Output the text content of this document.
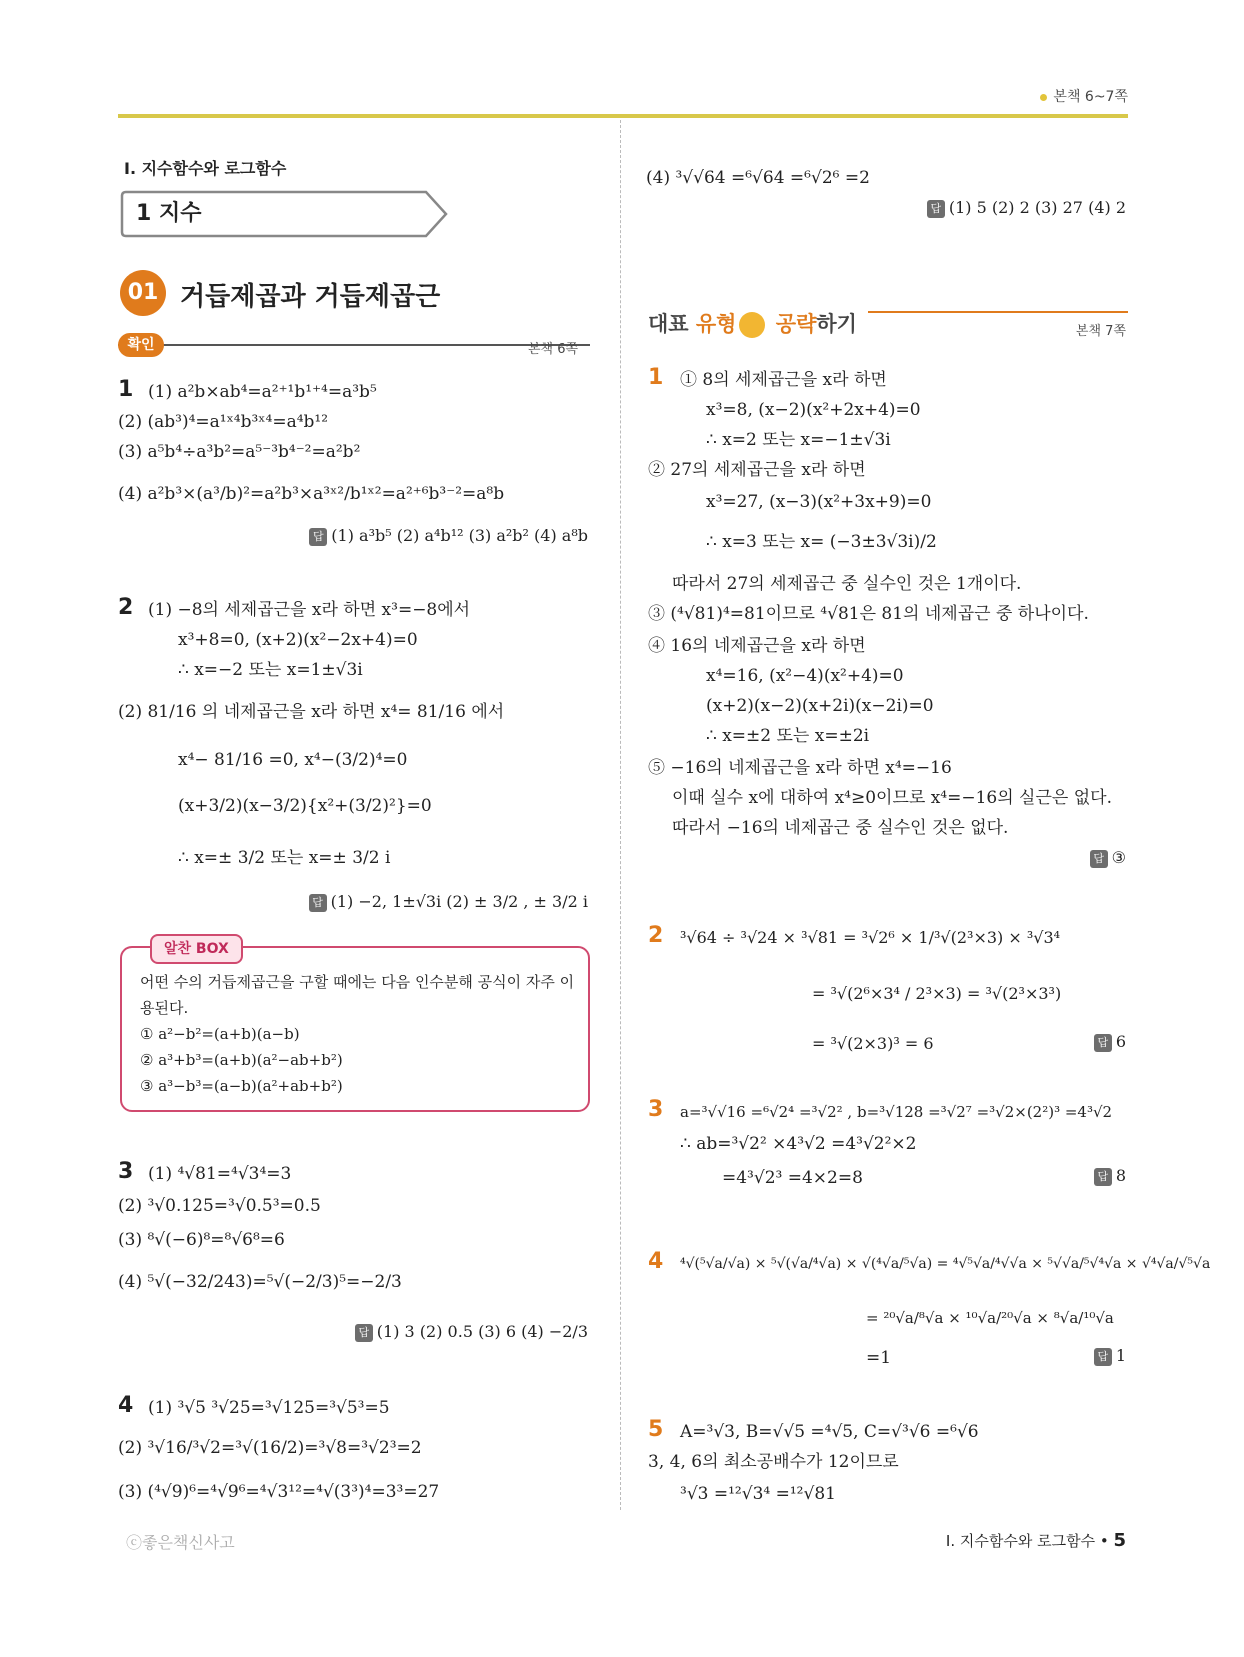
본책 6~7쪽
I. 지수함수와 로그함수
1 지수
01 거듭제곱과 거듭제곱근
확인	본책 6쪽
1 (1) a²b×ab⁴=a²⁺¹b¹⁺⁴=a³b⁵
(2) (ab³)⁴=a¹ˣ⁴b³ˣ⁴=a⁴b¹²
(3) a⁵b⁴÷a³b²=a⁵⁻³b⁴⁻²=a²b²
(4) a²b³×(a³/b)²=a²b³×a³ˣ²/b¹ˣ²=a²⁺⁶b³⁻²=a⁸b
답 (1) a³b⁵ (2) a⁴b¹² (3) a²b² (4) a⁸b
2 (1) −8의 세제곱근을 x라 하면 x³=−8에서
x³+8=0, (x+2)(x²−2x+4)=0
∴ x=−2 또는 x=1±√3i
(2) 81/16 의 네제곱근을 x라 하면 x⁴= 81/16 에서
x⁴− 81/16 =0, x⁴−(3/2)⁴=0
(x+3/2)(x−3/2){x²+(3/2)²}=0
∴ x=± 3/2 또는 x=± 3/2 i
답 (1) −2, 1±√3i (2) ± 3/2 , ± 3/2 i
알찬 BOX
어떤 수의 거듭제곱근을 구할 때에는 다음 인수분해 공식이 자주 이
용된다.
① a²−b²=(a+b)(a−b)
② a³+b³=(a+b)(a²−ab+b²)
③ a³−b³=(a−b)(a²+ab+b²)
3 (1) ⁴√81=⁴√3⁴=3
(2) ³√0.125=³√0.5³=0.5
(3) ⁸√(−6)⁸=⁸√6⁸=6
(4) ⁵√(−32/243)=⁵√(−2/3)⁵=−2/3
답 (1) 3 (2) 0.5 (3) 6 (4) −2/3
4 (1) ³√5 ³√25=³√125=³√5³=5
(2) ³√16/³√2=³√(16/2)=³√8=³√2³=2
(3) (⁴√9)⁶=⁴√9⁶=⁴√3¹²=⁴√(3³)⁴=3³=27
(4) ³√√64 =⁶√64 =⁶√2⁶ =2
답 (1) 5 (2) 2 (3) 27 (4) 2
대표 유형 공략하기	본책 7쪽
1 ① 8의 세제곱근을 x라 하면
x³=8, (x−2)(x²+2x+4)=0
∴ x=2 또는 x=−1±√3i
② 27의 세제곱근을 x라 하면
x³=27, (x−3)(x²+3x+9)=0
∴ x=3 또는 x= (−3±3√3i)/2
따라서 27의 세제곱근 중 실수인 것은 1개이다.
③ (⁴√81)⁴=81이므로 ⁴√81은 81의 네제곱근 중 하나이다.
④ 16의 네제곱근을 x라 하면
x⁴=16, (x²−4)(x²+4)=0
(x+2)(x−2)(x+2i)(x−2i)=0
∴ x=±2 또는 x=±2i
⑤ −16의 네제곱근을 x라 하면 x⁴=−16
이때 실수 x에 대하여 x⁴≥0이므로 x⁴=−16의 실근은 없다.
따라서 −16의 네제곱근 중 실수인 것은 없다.
답 ③
2 ³√64 ÷ ³√24 × ³√81 = ³√2⁶ × 1/³√(2³×3) × ³√3⁴
= ³√(2⁶×3⁴ / 2³×3) = ³√(2³×3³)
= ³√(2×3)³ = 6	답 6
3 a=³√√16 =⁶√2⁴ =³√2² , b=³√128 =³√2⁷ =³√2×(2²)³ =4³√2
∴ ab=³√2² ×4³√2 =4³√2²×2
=4³√2³ =4×2=8	답 8
4 ⁴√(⁵√a/√a) × ⁵√(√a/⁴√a) × √(⁴√a/⁵√a) = ⁴√⁵√a/⁴√√a × ⁵√√a/⁵√⁴√a × √⁴√a/√⁵√a
= ²⁰√a/⁸√a × ¹⁰√a/²⁰√a × ⁸√a/¹⁰√a
=1	답 1
5 A=³√3, B=√√5 =⁴√5, C=√³√6 =⁶√6
3, 4, 6의 최소공배수가 12이므로
³√3 =¹²√3⁴ =¹²√81
ⓒ좋은책신사고	I. 지수함수와 로그함수 • 5
